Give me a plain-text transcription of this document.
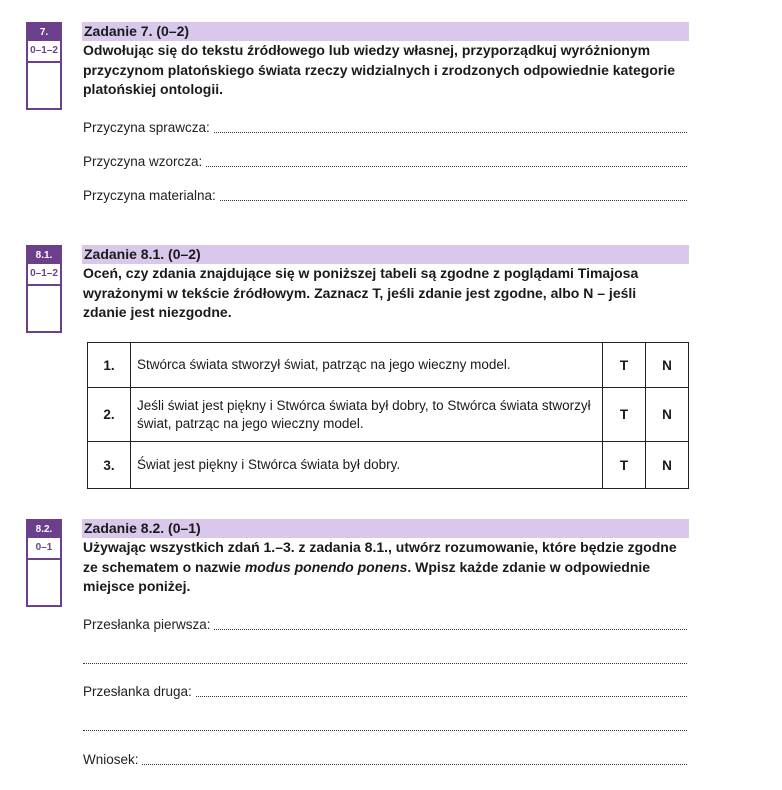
7.
0–1–2
Zadanie 7. (0–2)
Odwołując się do tekstu źródłowego lub wiedzy własnej, przyporządkuj wyróżnionym przyczynom platońskiego świata rzeczy widzialnych i zrodzonych odpowiednie kategorie platońskiej ontologii.
Przyczyna sprawcza:
Przyczyna wzorcza:
Przyczyna materialna:
8.1.
0–1–2
Zadanie 8.1. (0–2)
Oceń, czy zdania znajdujące się w poniższej tabeli są zgodne z poglądami Timajosa wyrażonymi w tekście źródłowym. Zaznacz T, jeśli zdanie jest zgodne, albo N – jeśli zdanie jest niezgodne.
1.	Stwórca świata stworzył świat, patrząc na jego wieczny model.	T	N
2.	Jeśli świat jest piękny i Stwórca świata był dobry, to Stwórca świata stworzył świat, patrząc na jego wieczny model.	T	N
3.	Świat jest piękny i Stwórca świata był dobry.	T	N
8.2.
0–1
Zadanie 8.2. (0–1)
Używając wszystkich zdań 1.–3. z zadania 8.1., utwórz rozumowanie, które będzie zgodne ze schematem o nazwie modus ponendo ponens. Wpisz każde zdanie w odpowiednie miejsce poniżej.
Przesłanka pierwsza:
Przesłanka druga:
Wniosek:
